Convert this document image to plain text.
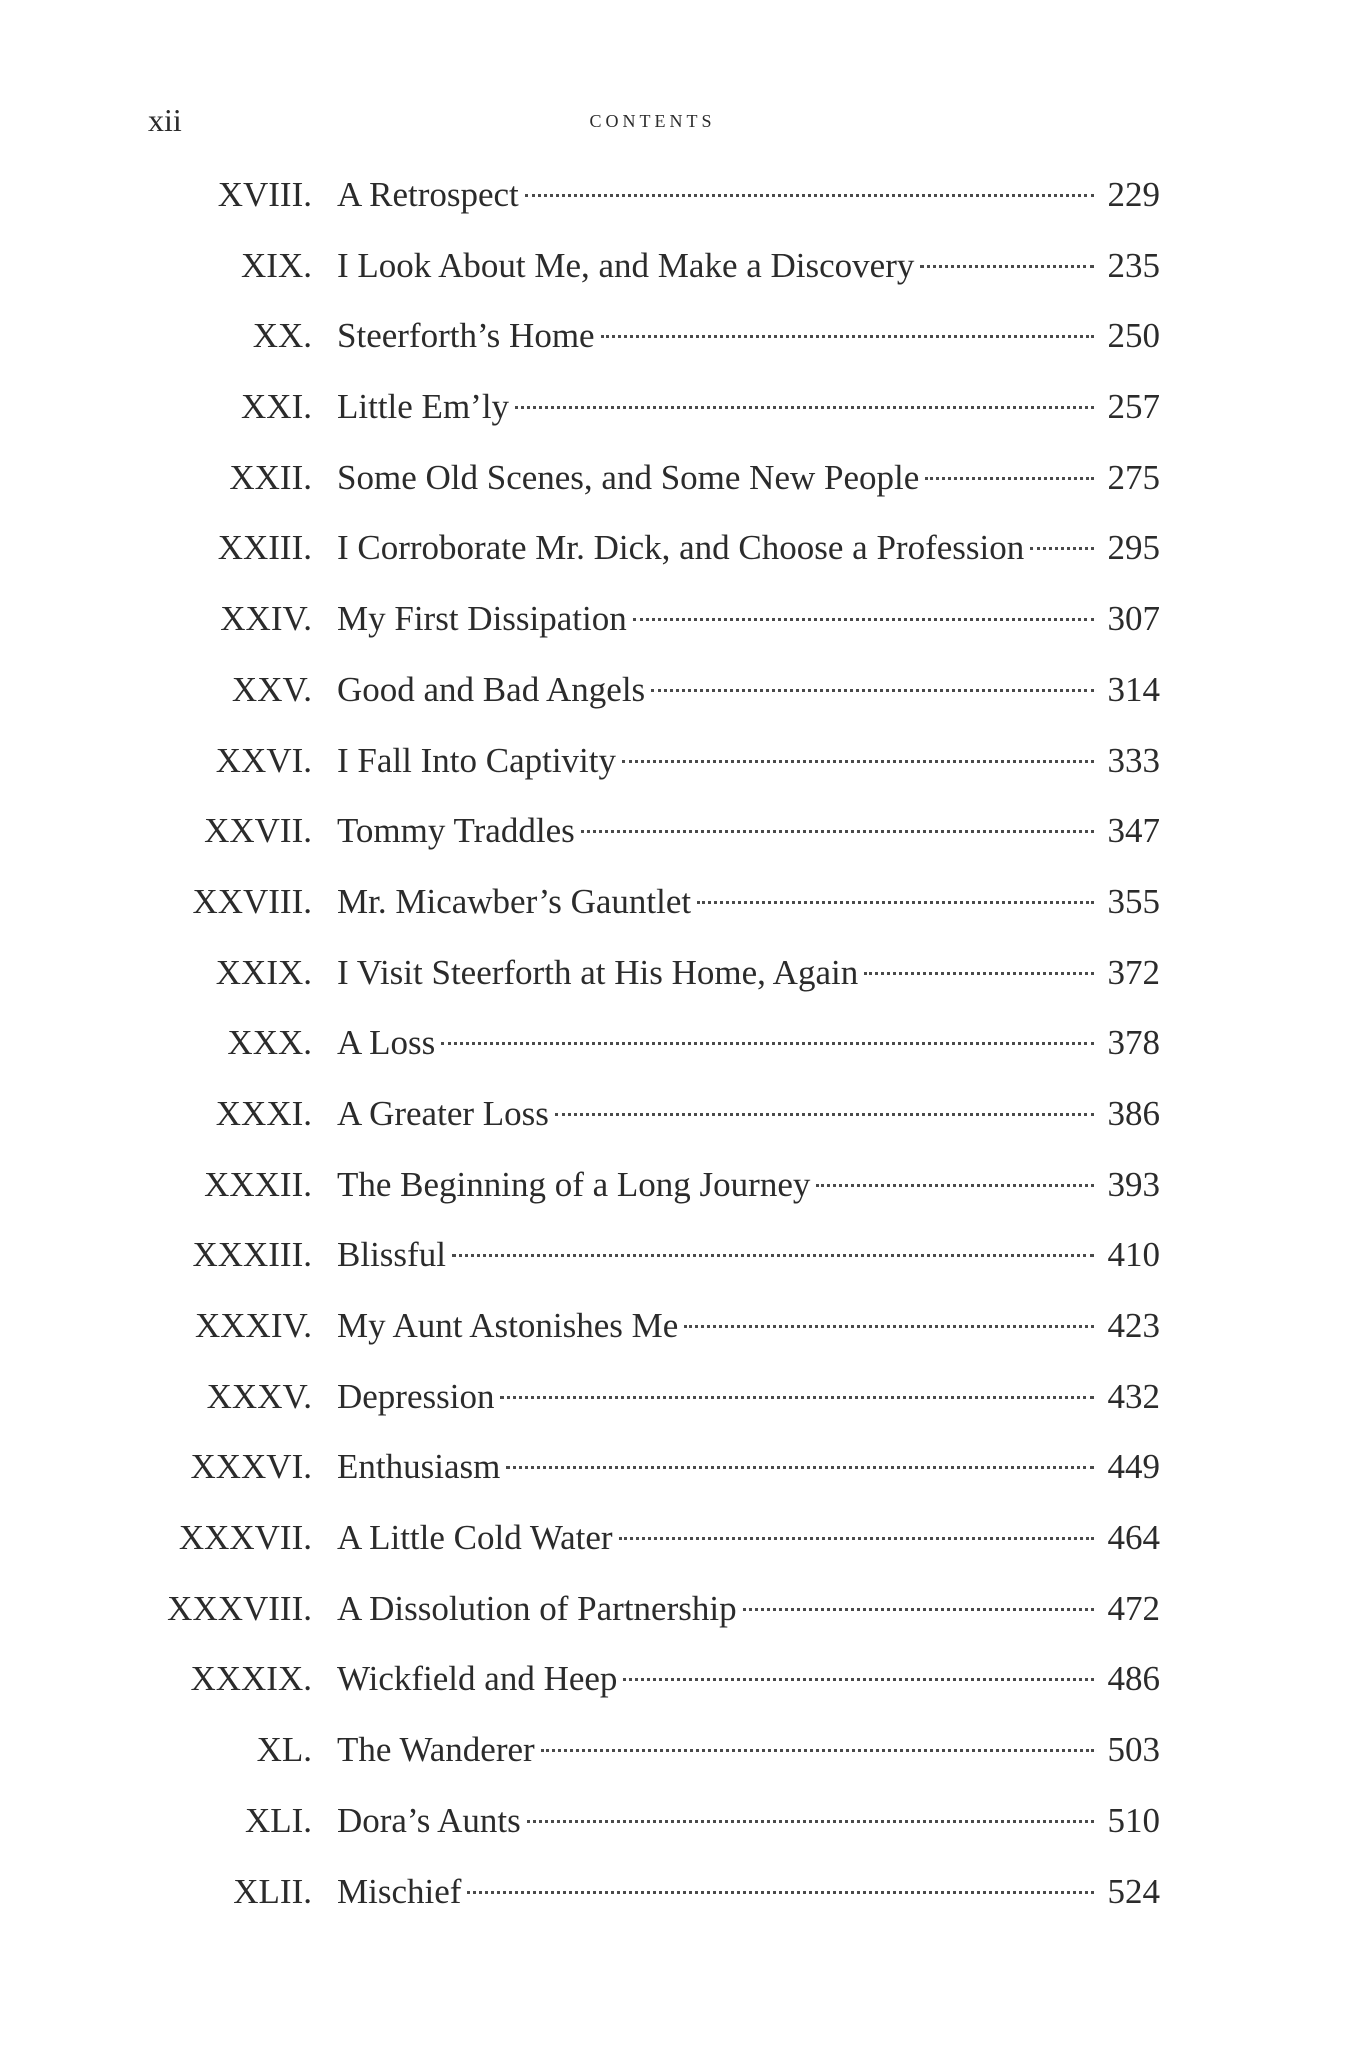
xii	contents
XVIII. A Retrospect	229
XIX. I Look About Me, and Make a Discovery	235
XX. Steerforth’s Home	250
XXI. Little Em’ly	257
XXII. Some Old Scenes, and Some New People	275
XXIII. I Corroborate Mr. Dick, and Choose a Profession 295
XXIV. My First Dissipation	307
XXV. Good and Bad Angels	314
XXVI. I Fall Into Captivity	333
XXVII. Tommy Traddles	347
XXVIII. Mr. Micawber’s Gauntlet	355
XXIX. I Visit Steerforth at His Home, Again	372
XXX. A Loss	378
XXXI. A Greater Loss	386
XXXII. The Beginning of a Long Journey	393
XXXIII. Blissful	410
XXXIV. My Aunt Astonishes Me	423
XXXV. Depression	432
XXXVI. Enthusiasm	449
XXXVII. A Little Cold Water	464
XXXVIII. A Dissolution of Partnership	472
XXXIX. Wickfield and Heep	486
XL. The Wanderer	503
XLI. Dora’s Aunts	510
XLII. Mischief	524
